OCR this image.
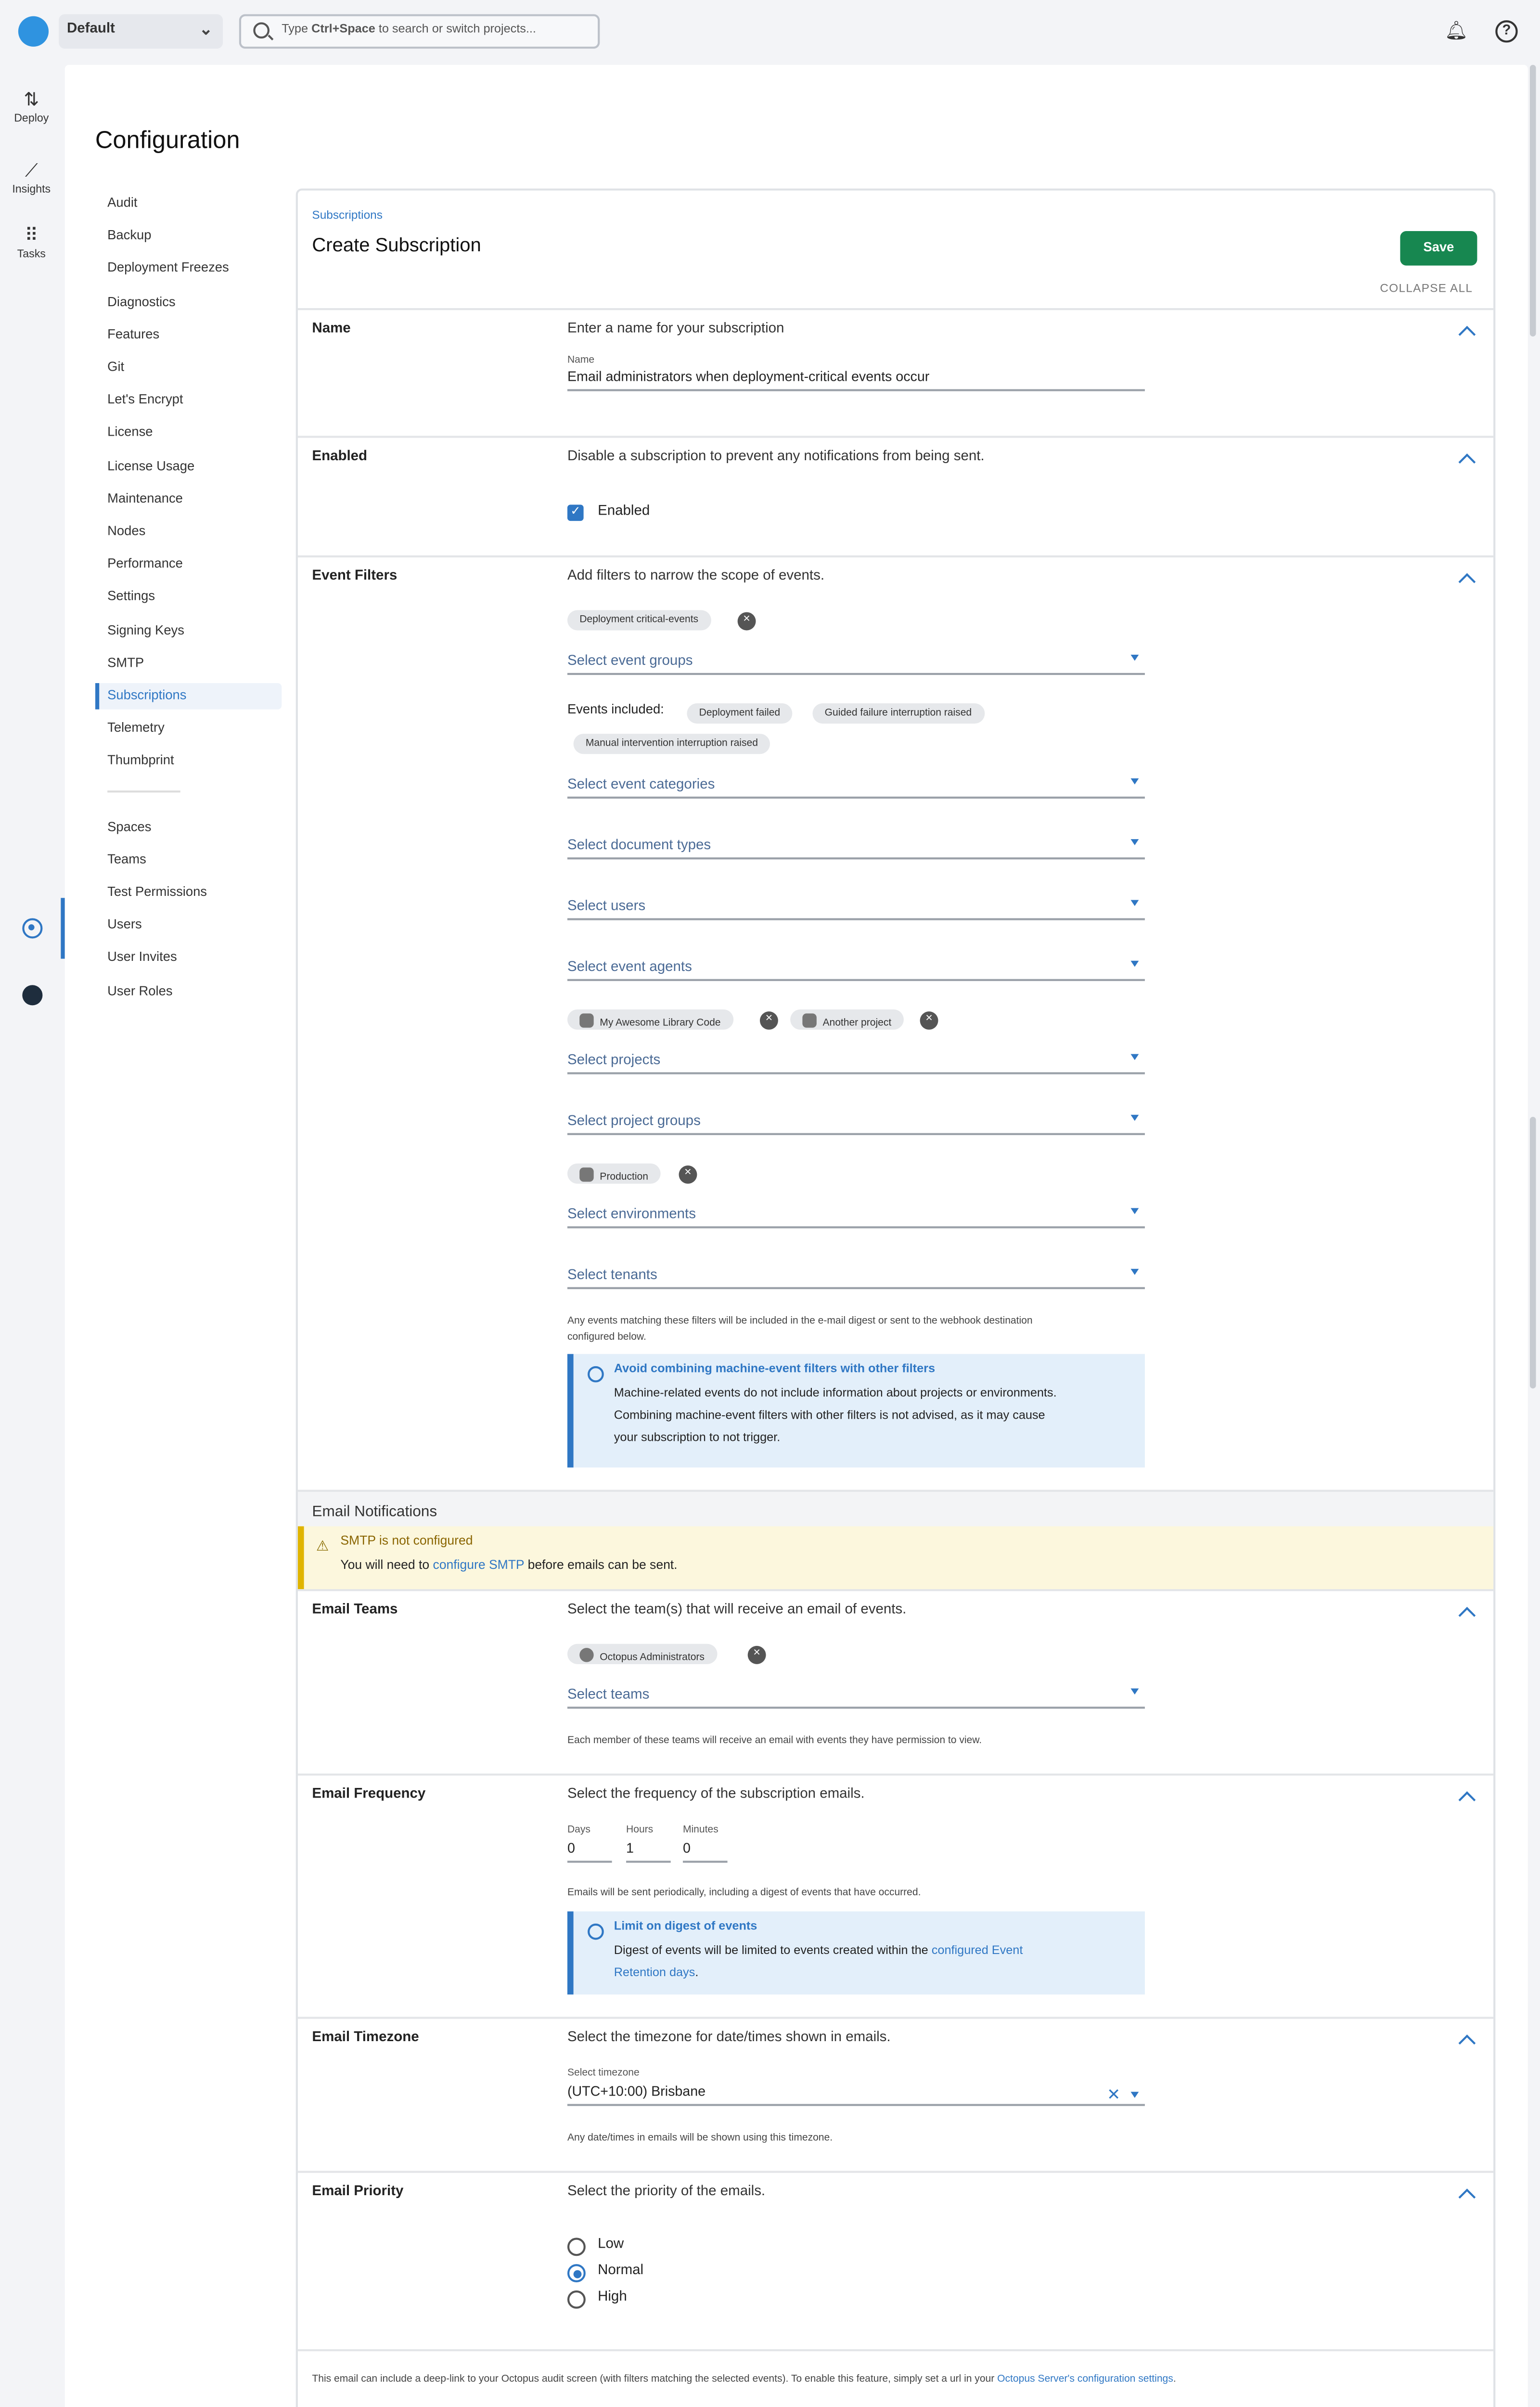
Default	⌄	Type Ctrl+Space to search or switch projects...	🔔︎	?
⇅
Deploy
⟋
Insights
⠿
Tasks
Configuration
Audit
Backup
Deployment Freezes
Diagnostics
Features
Git
Let's Encrypt
License
License Usage
Maintenance
Nodes
Performance
Settings
Signing Keys
SMTP
Subscriptions
Telemetry
Thumbprint
Spaces
Teams
Test Permissions
Users
User Invites
User Roles
Subscriptions
Create Subscription	Save
COLLAPSE ALL
Name	Enter a name for your subscription
Name
Email administrators when deployment-critical events occur
Enabled	Disable a subscription to prevent any notifications from being sent.
✓	Enabled
Event Filters	Add filters to narrow the scope of events.
Deployment critical-events	×
Select event groups
Events included:	Deployment failed	Guided failure interruption raised
Manual intervention interruption raised
Select event categories
Select document types
Select users
Select event agents
My Awesome Library Code	×	Another project	×
Select projects
Select project groups
Production	×
Select environments
Select tenants
Any events matching these filters will be included in the e-mail digest or sent to the webhook destination
configured below.
Avoid combining machine-event filters with other filters
Machine-related events do not include information about projects or environments.
Combining machine-event filters with other filters is not advised, as it may cause
your subscription to not trigger.
Email Notifications
⚠	SMTP is not configured
You will need to configure SMTP before emails can be sent.
Email Teams	Select the team(s) that will receive an email of events.
Octopus Administrators	×
Select teams
Each member of these teams will receive an email with events they have permission to view.
Email Frequency	Select the frequency of the subscription emails.
Days
0
Hours
1
Minutes
0
Emails will be sent periodically, including a digest of events that have occurred.
Limit on digest of events
Digest of events will be limited to events created within the configured Event
Retention days.
Email Timezone	Select the timezone for date/times shown in emails.
Select timezone
(UTC+10:00) Brisbane	✕
Any date/times in emails will be shown using this timezone.
Email Priority	Select the priority of the emails.
Low
Normal
High
This email can include a deep-link to your Octopus audit screen (with filters matching the selected events). To enable this feature, simply set a url in your Octopus Server's configuration settings.
